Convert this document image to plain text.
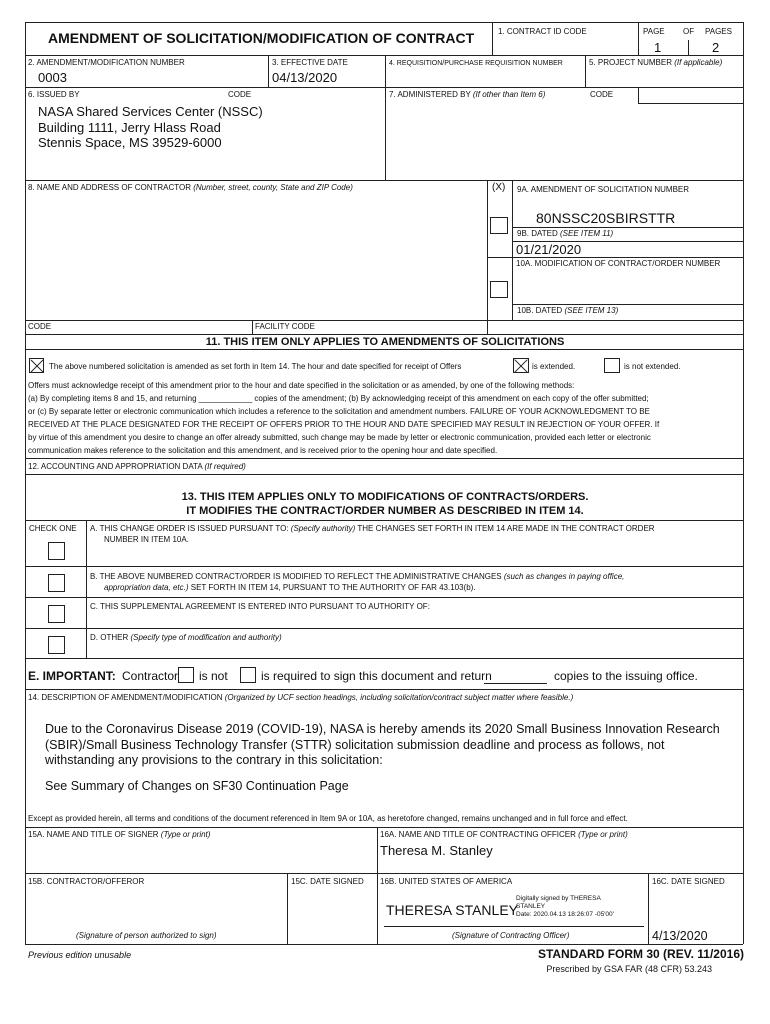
AMENDMENT OF SOLICITATION/MODIFICATION OF CONTRACT	1. CONTRACT ID CODE	PAGE OF PAGES
1	2
2. AMENDMENT/MODIFICATION NUMBER
0003
3. EFFECTIVE DATE
04/13/2020
4. REQUISITION/PURCHASE REQUISITION NUMBER	5. PROJECT NUMBER (If applicable)
6. ISSUED BY	CODE
NASA Shared Services Center (NSSC)
Building 1111, Jerry Hlass Road
Stennis Space, MS 39529-6000
7. ADMINISTERED BY (If other than Item 6)	CODE
8. NAME AND ADDRESS OF CONTRACTOR (Number, street, county, State and ZIP Code)	(X) 9A. AMENDMENT OF SOLICITATION NUMBER
80NSSC20SBIRSTTR
9B. DATED (SEE ITEM 11)
01/21/2020
10A. MODIFICATION OF CONTRACT/ORDER NUMBER
10B. DATED (SEE ITEM 13)
CODE	FACILITY CODE
11. THIS ITEM ONLY APPLIES TO AMENDMENTS OF SOLICITATIONS
The above numbered solicitation is amended as set forth in Item 14. The hour and date specified for receipt of Offers	is extended.	is not extended.
Offers must acknowledge receipt of this amendment prior to the hour and date specified in the solicitation or as amended, by one of the following methods:
(a) By completing items 8 and 15, and returning ____________ copies of the amendment; (b) By acknowledging receipt of this amendment on each copy of the offer submitted;
or (c) By separate letter or electronic communication which includes a reference to the solicitation and amendment numbers. FAILURE OF YOUR ACKNOWLEDGMENT TO BE
RECEIVED AT THE PLACE DESIGNATED FOR THE RECEIPT OF OFFERS PRIOR TO THE HOUR AND DATE SPECIFIED MAY RESULT IN REJECTION OF YOUR OFFER. If
by virtue of this amendment you desire to change an offer already submitted, such change may be made by letter or electronic communication, provided each letter or electronic
communication makes reference to the solicitation and this amendment, and is received prior to the opening hour and date specified.
12. ACCOUNTING AND APPROPRIATION DATA (If required)
13. THIS ITEM APPLIES ONLY TO MODIFICATIONS OF CONTRACTS/ORDERS.
IT MODIFIES THE CONTRACT/ORDER NUMBER AS DESCRIBED IN ITEM 14.
CHECK ONE A. THIS CHANGE ORDER IS ISSUED PURSUANT TO: (Specify authority) THE CHANGES SET FORTH IN ITEM 14 ARE MADE IN THE CONTRACT ORDER
NUMBER IN ITEM 10A.
B. THE ABOVE NUMBERED CONTRACT/ORDER IS MODIFIED TO REFLECT THE ADMINISTRATIVE CHANGES (such as changes in paying office,
appropriation data, etc.) SET FORTH IN ITEM 14, PURSUANT TO THE AUTHORITY OF FAR 43.103(b).
C. THIS SUPPLEMENTAL AGREEMENT IS ENTERED INTO PURSUANT TO AUTHORITY OF:
D. OTHER (Specify type of modification and authority)
E. IMPORTANT: Contractor is not	is required to sign this document and return	copies to the issuing office.
14. DESCRIPTION OF AMENDMENT/MODIFICATION (Organized by UCF section headings, including solicitation/contract subject matter where feasible.)
Due to the Coronavirus Disease 2019 (COVID-19), NASA is hereby amends its 2020 Small Business Innovation Research
(SBIR)/Small Business Technology Transfer (STTR) solicitation submission deadline and process as follows, not
withstanding any provisions to the contrary in this solicitation:
See Summary of Changes on SF30 Continuation Page
Except as provided herein, all terms and conditions of the document referenced in Item 9A or 10A, as heretofore changed, remains unchanged and in full force and effect.
15A. NAME AND TITLE OF SIGNER (Type or print)	16A. NAME AND TITLE OF CONTRACTING OFFICER (Type or print)
Theresa M. Stanley
15B. CONTRACTOR/OFFEROR	15C. DATE SIGNED 16B. UNITED STATES OF AMERICA	16C. DATE SIGNED
THERESA STANLEY
Digitally signed by THERESA
STANLEY
Date: 2020.04.13 18:26:07 -05'00'
(Signature of person authorized to sign)	(Signature of Contracting Officer)	4/13/2020
Previous edition unusable	STANDARD FORM 30 (REV. 11/2016)
Prescribed by GSA FAR (48 CFR) 53.243
